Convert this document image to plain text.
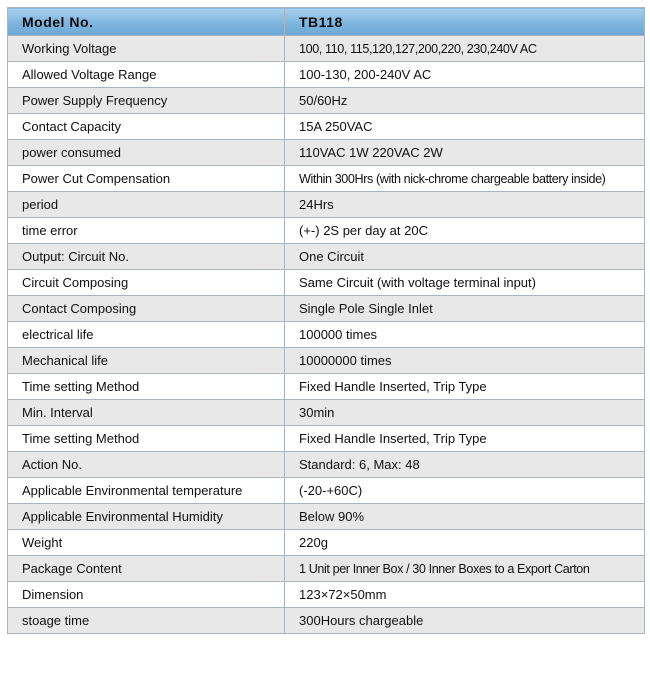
Model No.	TB118
Working Voltage	100, 110, 115,120,127,200,220, 230,240V AC
Allowed Voltage Range	100-130, 200-240V AC
Power Supply Frequency	50/60Hz
Contact Capacity	15A 250VAC
power consumed	110VAC 1W 220VAC 2W
Power Cut Compensation	Within 300Hrs (with nick-chrome chargeable battery inside)
period	24Hrs
time error	(+-) 2S per day at 20C
Output: Circuit No.	One Circuit
Circuit Composing	Same Circuit (with voltage terminal input)
Contact Composing	Single Pole Single Inlet
electrical life	100000 times
Mechanical life	10000000 times
Time setting Method	Fixed Handle Inserted, Trip Type
Min. Interval	30min
Time setting Method	Fixed Handle Inserted, Trip Type
Action No.	Standard: 6, Max: 48
Applicable Environmental temperature	(-20-+60C)
Applicable Environmental Humidity	Below 90%
Weight	220g
Package Content	1 Unit per Inner Box / 30 Inner Boxes to a Export Carton
Dimension	123×72×50mm
stoage time	300Hours chargeable
